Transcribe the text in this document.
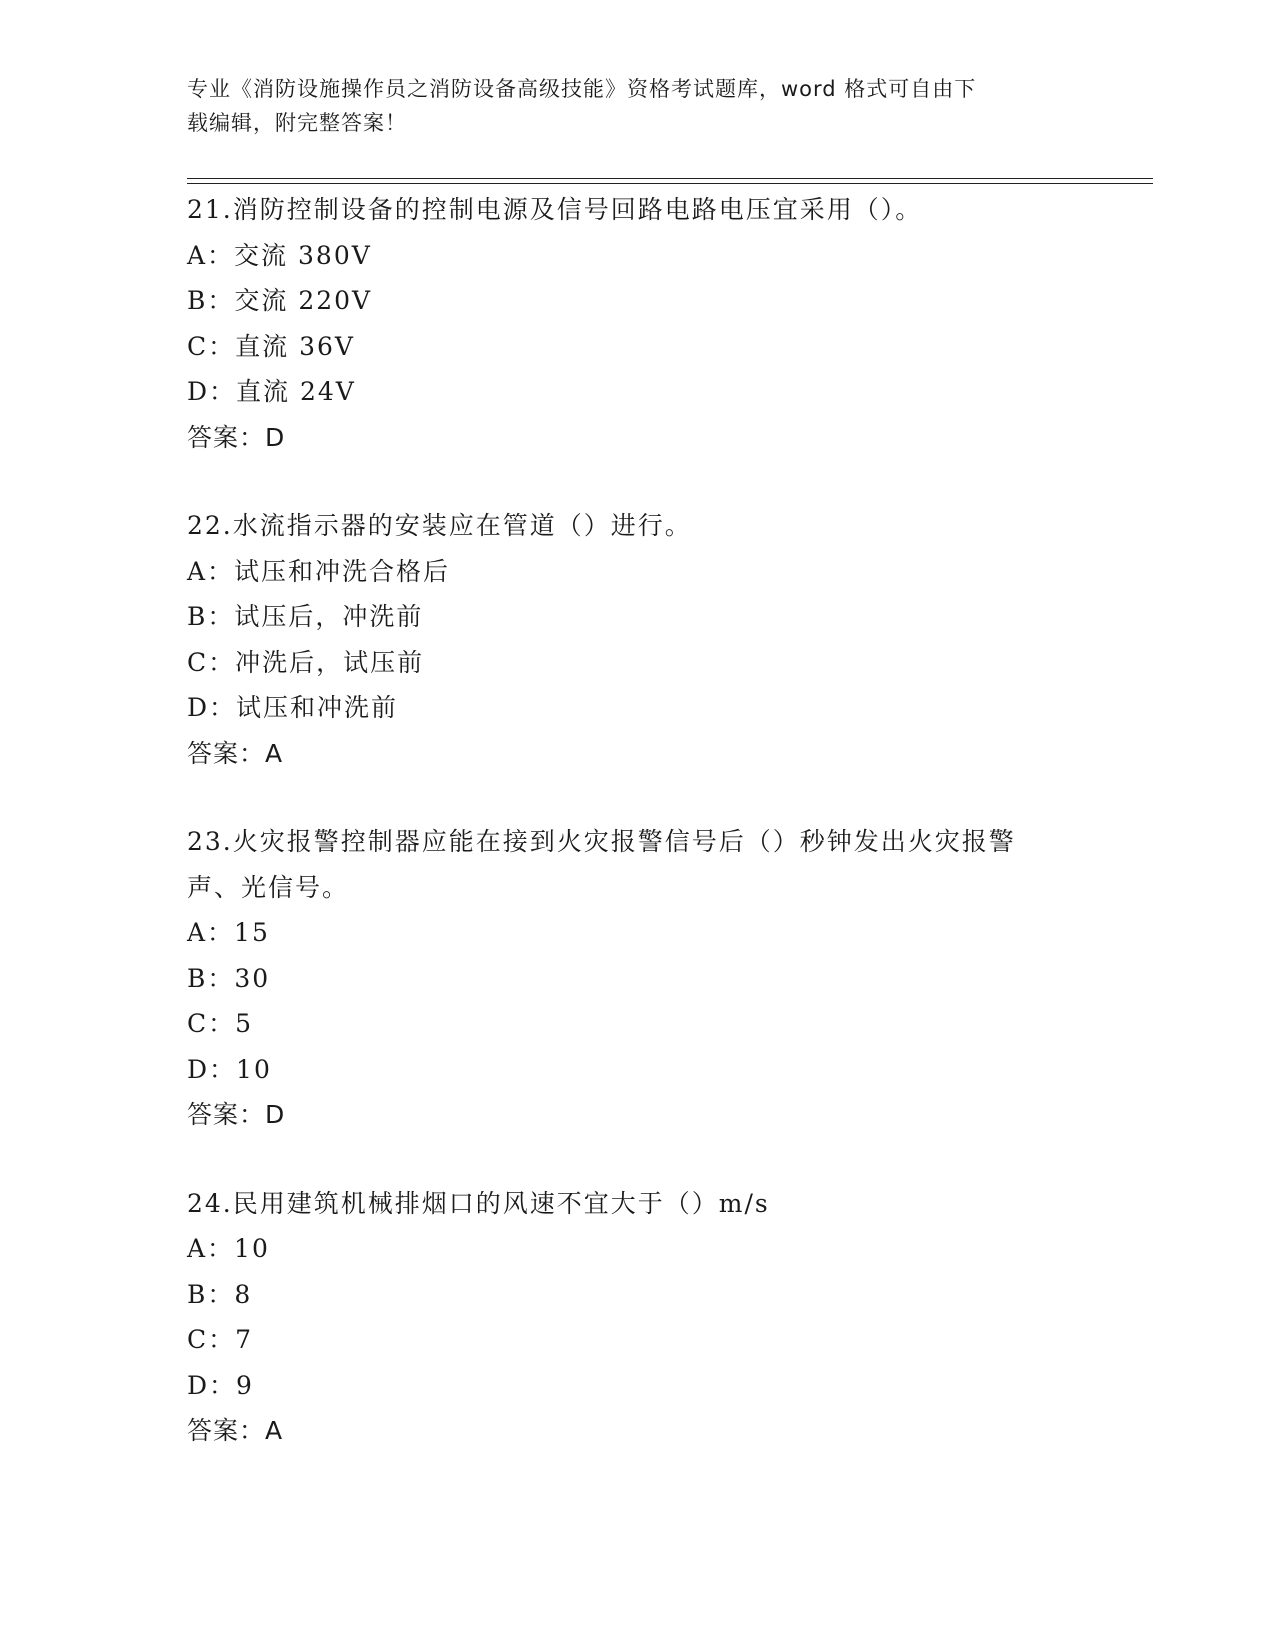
专业《消防设施操作员之消防设备高级技能》资格考试题库，word 格式可自由下
载编辑，附完整答案！
21.消防控制设备的控制电源及信号回路电路电压宜采用（）。
A：交流 380V
B：交流 220V
C：直流 36V
D：直流 24V
答案：D
22.水流指示器的安装应在管道（）进行。
A：试压和冲洗合格后
B：试压后，冲洗前
C：冲洗后，试压前
D：试压和冲洗前
答案：A
23.火灾报警控制器应能在接到火灾报警信号后（）秒钟发出火灾报警
声、光信号。
A：15
B：30
C：5
D：10
答案：D
24.民用建筑机械排烟口的风速不宜大于（）m/s
A：10
B：8
C：7
D：9
答案：A
